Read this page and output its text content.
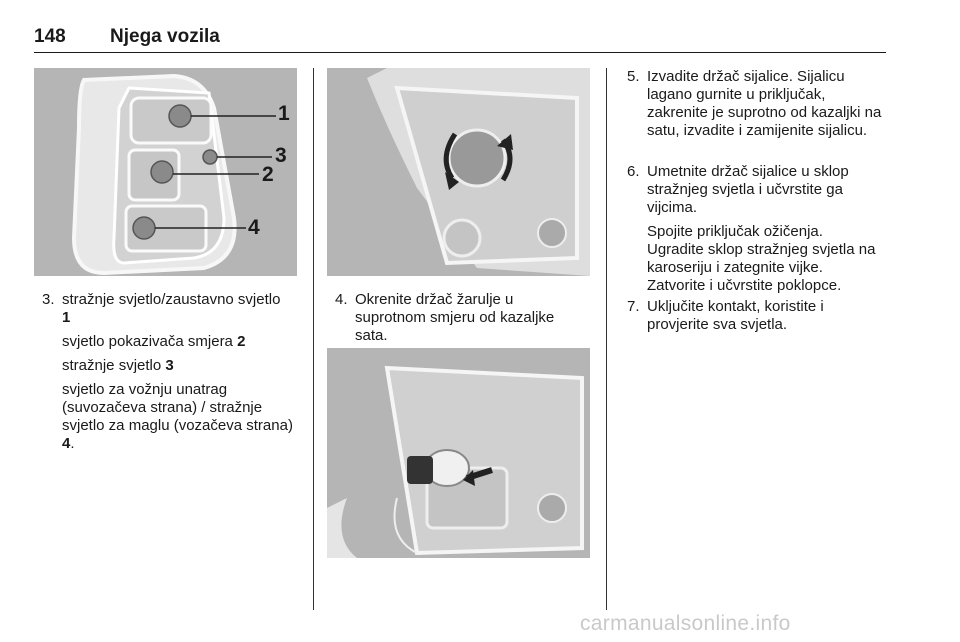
148 Njega vozila
1
3
2
4
3. stražnje svjetlo/zaustavno svjetlo
1

svjetlo pokazivača smjera 2

stražnje svjetlo 3

svjetlo za vožnju unatrag (suvozačeva strana) / stražnje svjetlo za maglu (vozačeva strana) 4.

4. Okrenite držač žarulje u suprotnom smjeru od kazaljke sata.

5. Izvadite držač sijalice. Sijalicu lagano gurnite u priključak, zakrenite je suprotno od kazaljki na satu, izvadite i zamijenite sijalicu.

6. Umetnite držač sijalice u sklop stražnjeg svjetla i učvrstite ga vijcima.

Spojite priključak ožičenja. Ugradite sklop stražnjeg svjetla na karoseriju i zategnite vijke. Zatvorite i učvrstite poklopce.

7. Uključite kontakt, koristite i provjerite sva svjetla.

carmanualsonline.info
